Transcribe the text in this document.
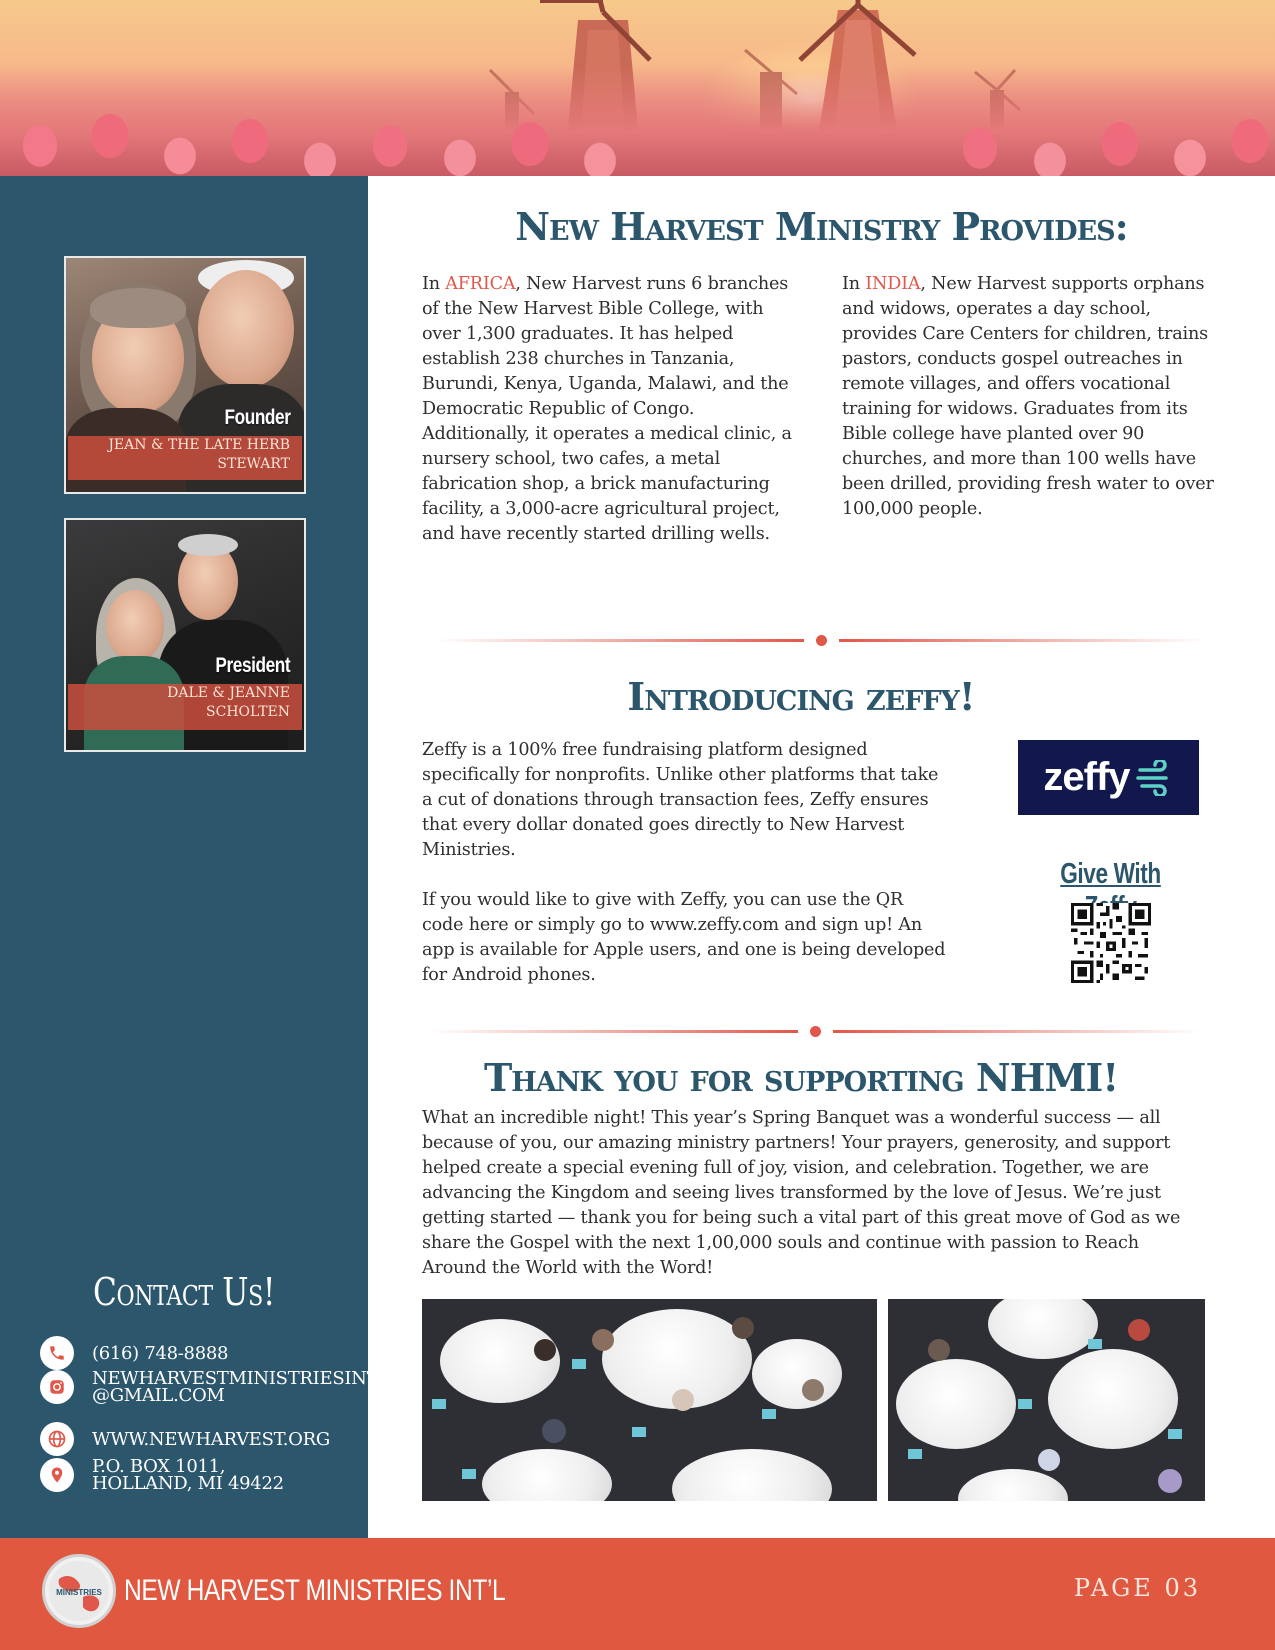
Founder
JEAN & THE LATE HERB
STEWART
President
DALE & JEANNE
SCHOLTEN
Contact Us!
(616) 748-8888
NEWHARVESTMINISTRIESINTL
@GMAIL.COM
WWW.NEWHARVEST.ORG
P.O. BOX 1011,
HOLLAND, MI 49422
New Harvest Ministry Provides:
In AFRICA, New Harvest runs 6 branches of the New Harvest Bible College, with over 1,300 graduates. It has helped establish 238 churches in Tanzania, Burundi, Kenya, Uganda, Malawi, and the Democratic Republic of Congo. Additionally, it operates a medical clinic, a nursery school, two cafes, a metal fabrication shop, a brick manufacturing facility, a 3,000-acre agricultural project, and have recently started drilling wells.
In INDIA, New Harvest supports orphans and widows, operates a day school, provides Care Centers for children, trains pastors, conducts gospel outreaches in remote villages, and offers vocational training for widows. Graduates from its Bible college have planted over 90 churches, and more than 100 wells have been drilled, providing fresh water to over 100,000 people.
Introducing zeffy!
Zeffy is a 100% free fundraising platform designed specifically for nonprofits. Unlike other platforms that take a cut of donations through transaction fees, Zeffy ensures that every dollar donated goes directly to New Harvest Ministries.
If you would like to give with Zeffy, you can use the QR code here or simply go to www.zeffy.com and sign up! An app is available for Apple users, and one is being developed for Android phones.
zeffy
Give With
Thank you for supporting NHMI!
What an incredible night! This year’s Spring Banquet was a wonderful success — all because of you, our amazing ministry partners! Your prayers, generosity, and support helped create a special evening full of joy, vision, and celebration. Together, we are advancing the Kingdom and seeing lives transformed by the love of Jesus. We’re just getting started — thank you for being such a vital part of this great move of God as we share the Gospel with the next 1,00,000 souls and continue with passion to Reach Around the World with the Word!
MINISTRIES NEW HARVEST MINISTRIES INT’L	PAGE 03
